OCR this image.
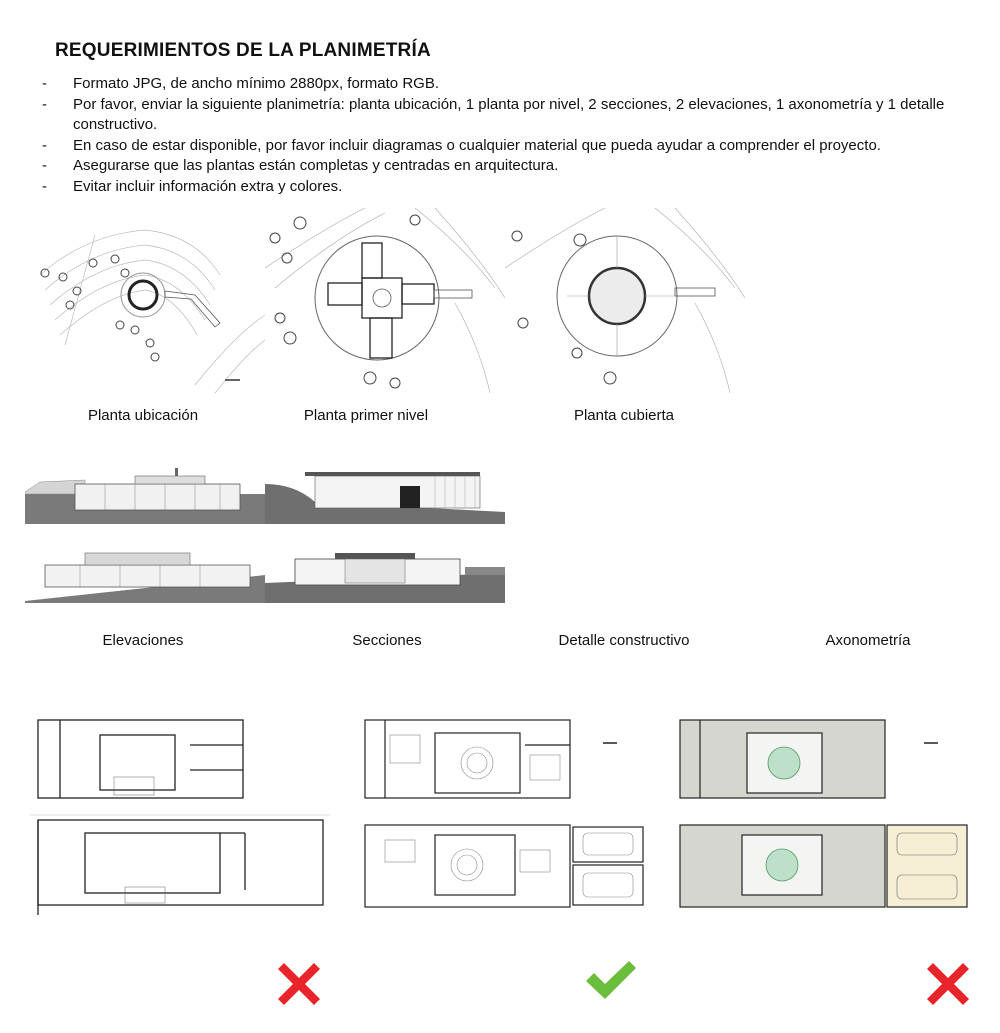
REQUERIMIENTOS DE LA PLANIMETRÍA
- Formato JPG, de ancho mínimo 2880px, formato RGB.
- Por favor, enviar la siguiente planimetría: planta ubicación, 1 planta por nivel, 2 secciones, 2 elevaciones, 1 axonometría y 1 detalle constructivo.
- En caso de estar disponible, por favor incluir diagramas o cualquier material que pueda ayudar a comprender el proyecto.
- Asegurarse que las plantas están completas y centradas en arquitectura.
- Evitar incluir información extra y colores.
Planta ubicación	Planta primer nivel	Planta cubierta
Elevaciones	Secciones	Detalle constructivo	Axonometría
